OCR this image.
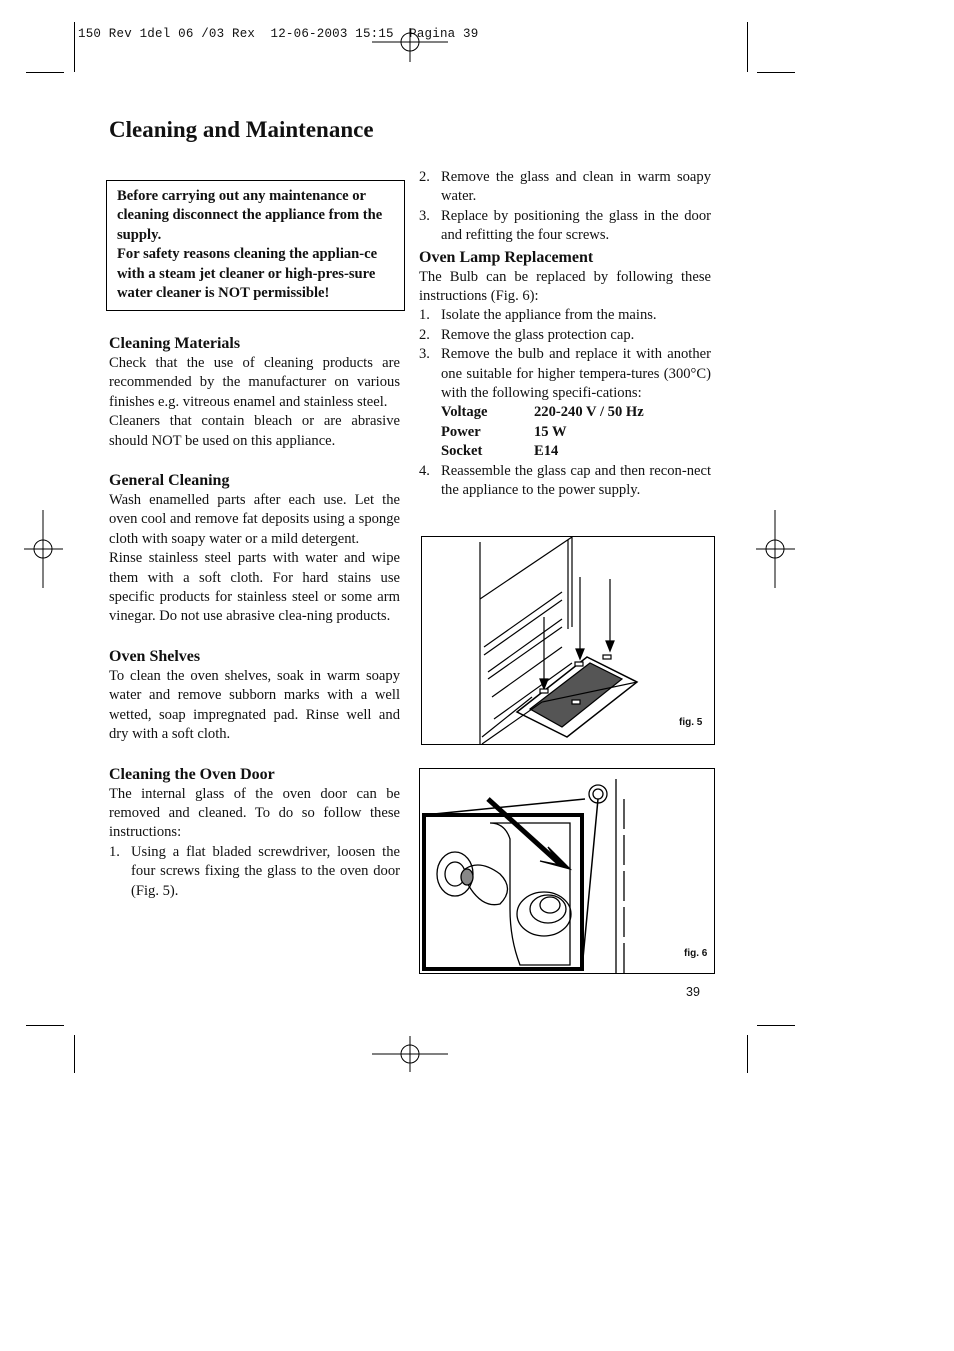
150 Rev 1del 06 /03 Rex  12-06-2003 15:15  Pagina 39
Cleaning and Maintenance
Before carrying out any maintenance or cleaning disconnect the appliance from the supply.
For safety reasons cleaning the applian-ce with a steam jet cleaner or high-pres-sure water cleaner is NOT permissible!
Cleaning Materials

Check that the use of cleaning products are recommended by the manufacturer on various finishes e.g. vitreous enamel and stainless steel.

Cleaners that contain bleach or are abrasive should NOT be used on this appliance.

General Cleaning

Wash enamelled parts after each use. Let the oven cool and remove fat deposits using a sponge cloth with soapy water or a mild detergent.

Rinse stainless steel parts with water and wipe them with a soft cloth. For hard stains use specific products for stainless steel or some arm vinegar. Do not use abrasive clea-ning products.

Oven Shelves

To clean the oven shelves, soak in warm soapy water and remove subborn marks with a well wetted, soap impregnated pad. Rinse well and dry with a soft cloth.

Cleaning the Oven Door

The internal glass of the oven door can be removed and cleaned. To do so follow these instructions:

1. Using a flat bladed screwdriver, loosen the four screws fixing the glass to the oven door (Fig. 5).
2. Remove the glass and clean in warm soapy water.
3. Replace by positioning the glass in the door and refitting the four screws.
Oven Lamp Replacement

The Bulb can be replaced by following these instructions (Fig. 6):

1. Isolate the appliance from the mains.
2. Remove the glass protection cap.
3. Remove the bulb and replace it with another one suitable for higher tempera-tures (300°C) with the following specifi-cations:
Voltage	220-240 V / 50 Hz
Power	15 W
Socket	E14
4. Reassemble the glass cap and then recon-nect the appliance to the power supply.
fig. 5
fig. 6
39
